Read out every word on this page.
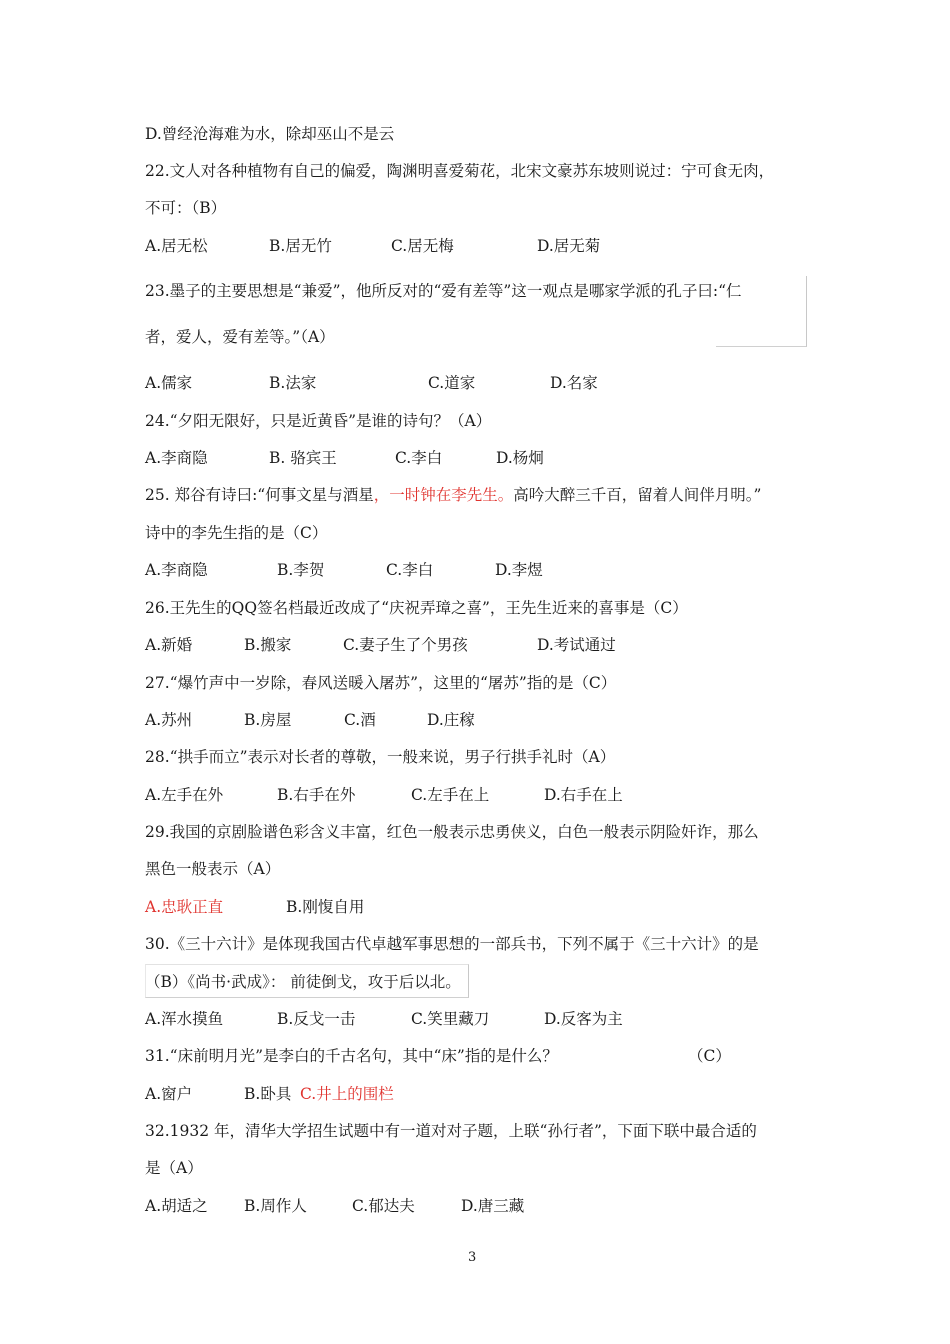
D.曾经沧海难为水，除却巫山不是云
22.文人对各种植物有自己的偏爱，陶渊明喜爱菊花，北宋文豪苏东坡则说过：宁可食无肉，
不可：（B）
A.居无松	B.居无竹	C.居无梅	D.居无菊
23.墨子的主要思想是“兼爱”，他所反对的“爱有差等”这一观点是哪家学派的孔子曰:“仁
者，爱人，爱有差等。”（A）
A.儒家	B.法家	C.道家	D.名家
24.“夕阳无限好，只是近黄昏”是谁的诗句？（A）
A.李商隐	B. 骆宾王	C.李白	D.杨炯
25. 郑谷有诗曰:“何事文星与酒星，一时钟在李先生。高吟大醉三千百，留着人间伴月明。”
诗中的李先生指的是（C）
A.李商隐	B.李贺	C.李白	D.李煜
26.王先生的QQ签名档最近改成了“庆祝弄璋之喜”，王先生近来的喜事是（C）
A.新婚	B.搬家	C.妻子生了个男孩	D.考试通过
27.“爆竹声中一岁除，春风送暖入屠苏”，这里的“屠苏”指的是（C）
A.苏州	B.房屋	C.酒	D.庄稼
28.“拱手而立”表示对长者的尊敬，一般来说，男子行拱手礼时（A）
A.左手在外	B.右手在外	C.左手在上	D.右手在上
29.我国的京剧脸谱色彩含义丰富，红色一般表示忠勇侠义，白色一般表示阴险奸诈，那么
黑色一般表示（A）
A.忠耿正直	B.刚愎自用
30.《三十六计》是体现我国古代卓越军事思想的一部兵书，下列不属于《三十六计》的是
（B）《尚书·武成》： 前徒倒戈，攻于后以北。
A.浑水摸鱼	B.反戈一击	C.笑里藏刀	D.反客为主
31.“床前明月光”是李白的千古名句，其中“床”指的是什么？	（C）
A.窗户	B.卧具 C.井上的围栏
32.1932 年，清华大学招生试题中有一道对对子题，上联“孙行者”，下面下联中最合适的
是（A）
A.胡适之 B.周作人	C.郁达夫	D.唐三藏
3
